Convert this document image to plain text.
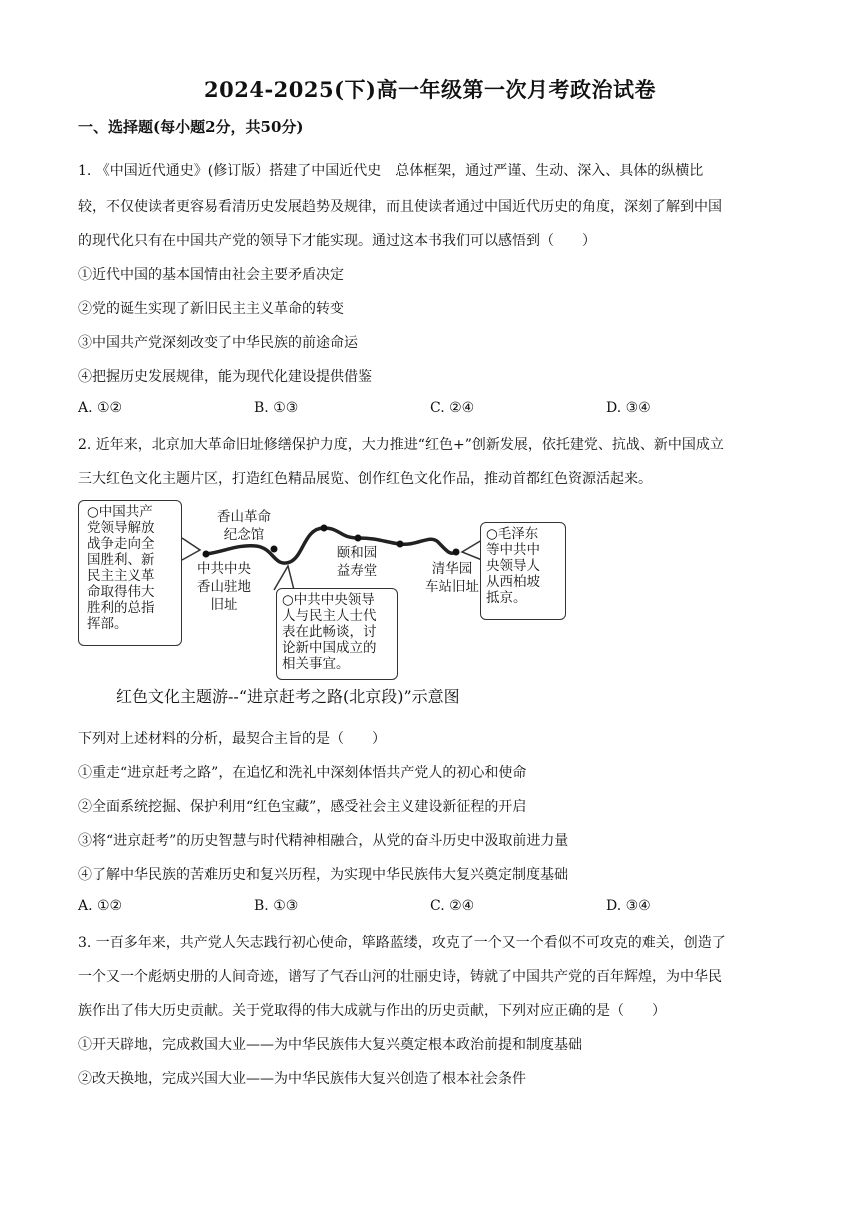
2024-2025(下)高一年级第一次月考政治试卷
一、选择题(每小题2分，共50分)
1. 《中国近代通史》(修订版）搭建了中国近代史　总体框架，通过严谨、生动、深入、具体的纵横比
较，不仅使读者更容易看清历史发展趋势及规律，而且使读者通过中国近代历史的角度，深刻了解到中国
的现代化只有在中国共产党的领导下才能实现。通过这本书我们可以感悟到（　　）
①近代中国的基本国情由社会主要矛盾决定
②党的诞生实现了新旧民主主义革命的转变
③中国共产党深刻改变了中华民族的前途命运
④把握历史发展规律，能为现代化建设提供借鉴
A. ①②	B. ①③	C. ②④	D. ③④
2. 近年来，北京加大革命旧址修缮保护力度，大力推进“红色+”创新发展，依托建党、抗战、新中国成立
三大红色文化主题片区，打造红色精品展览、创作红色文化作品，推动首都红色资源活起来。
○中国共产
党领导解放
战争走向全
国胜利、新
民主主义革
命取得伟大
胜利的总指
挥部。
○中共中央领导
人与民主人士代
表在此畅谈，讨
论新中国成立的
相关事宜。
○毛泽东
等中共中
央领导人
从西柏坡
抵京。
香山革命
纪念馆
中共中央
香山驻地
旧址
颐和园
益寿堂	清华园
车站旧址
红色文化主题游--“进京赶考之路(北京段)”示意图
下列对上述材料的分析，最契合主旨的是（　　）
①重走“进京赶考之路”，在追忆和洗礼中深刻体悟共产党人的初心和使命
②全面系统挖掘、保护利用“红色宝藏”，感受社会主义建设新征程的开启
③将“进京赶考”的历史智慧与时代精神相融合，从党的奋斗历史中汲取前进力量
④了解中华民族的苦难历史和复兴历程，为实现中华民族伟大复兴奠定制度基础
A. ①②	B. ①③	C. ②④	D. ③④
3. 一百多年来，共产党人矢志践行初心使命，筚路蓝缕，攻克了一个又一个看似不可攻克的难关，创造了
一个又一个彪炳史册的人间奇迹，谱写了气吞山河的壮丽史诗，铸就了中国共产党的百年辉煌，为中华民
族作出了伟大历史贡献。关于党取得的伟大成就与作出的历史贡献，下列对应正确的是（　　）
①开天辟地，完成救国大业——为中华民族伟大复兴奠定根本政治前提和制度基础
②改天换地，完成兴国大业——为中华民族伟大复兴创造了根本社会条件
